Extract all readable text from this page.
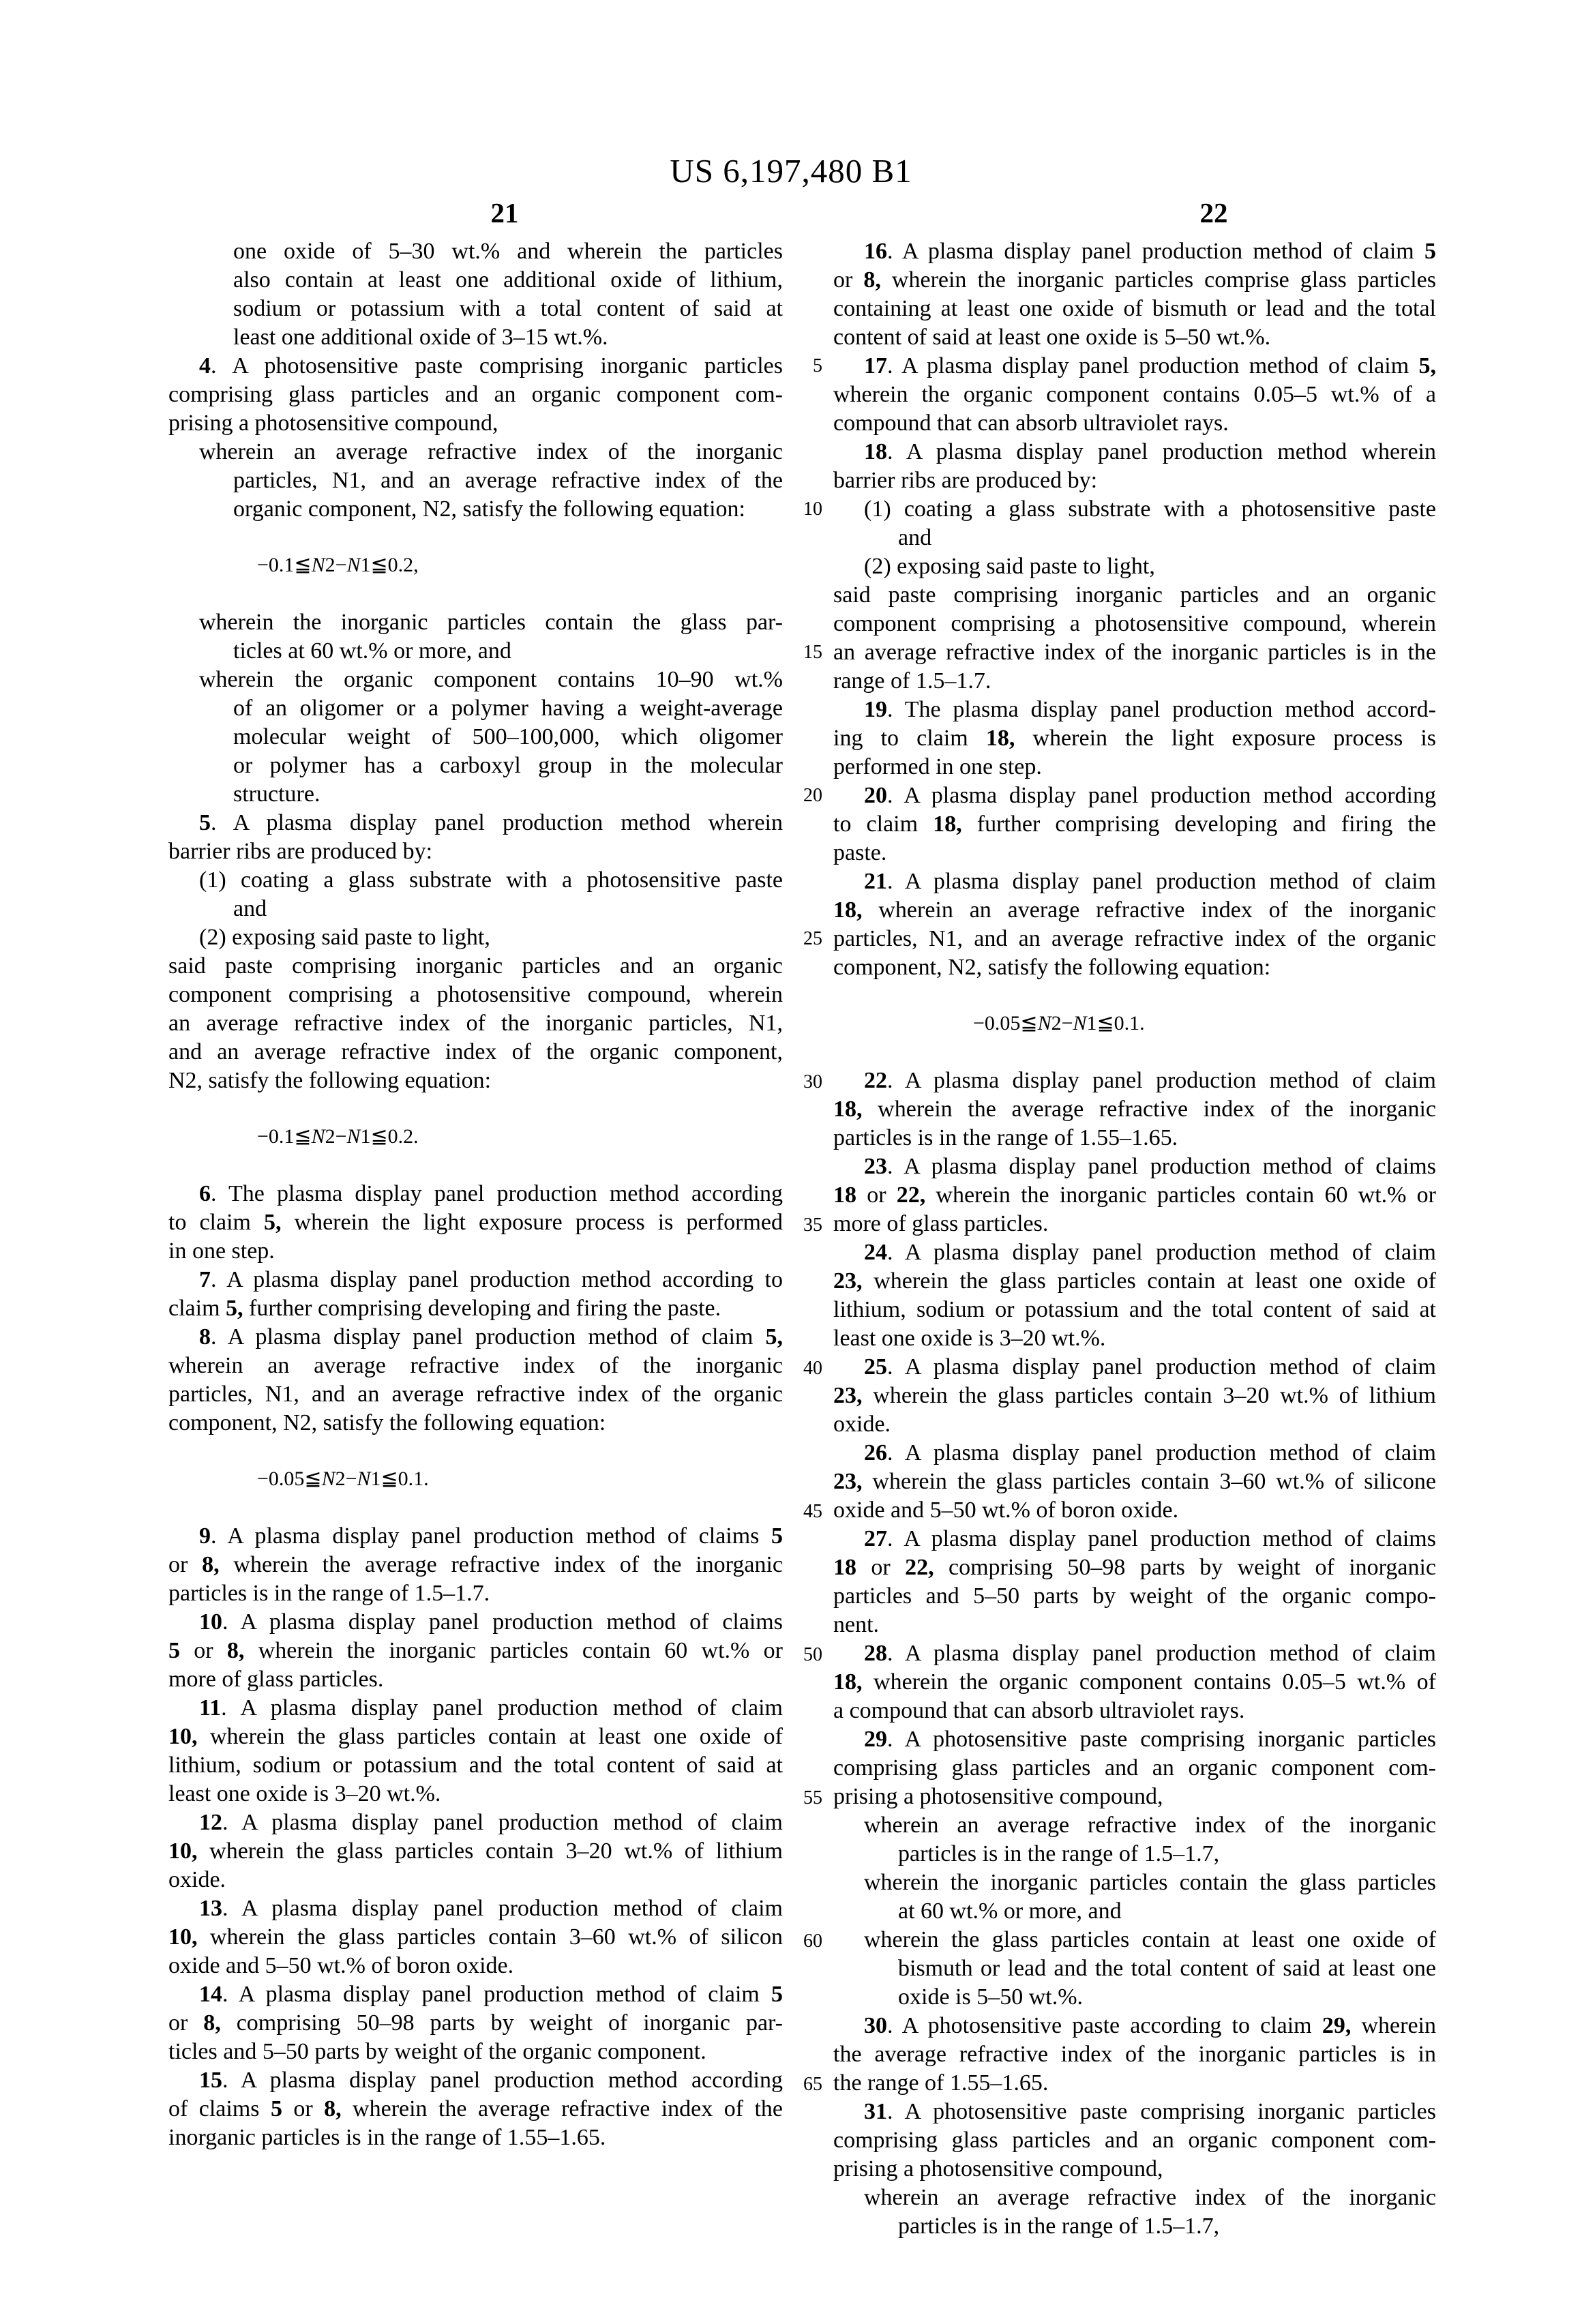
US 6,197,480 B1
21	22
one oxide of 5–30 wt.% and wherein the particles
also contain at least one additional oxide of lithium,
sodium or potassium with a total content of said at
least one additional oxide of 3–15 wt.%.
4. A photosensitive paste comprising inorganic particles
comprising glass particles and an organic component com-
prising a photosensitive compound,
wherein an average refractive index of the inorganic
particles, N1, and an average refractive index of the
organic component, N2, satisfy the following equation:
−0.1≦N2−N1≦0.2,
wherein the inorganic particles contain the glass par-
ticles at 60 wt.% or more, and
wherein the organic component contains 10–90 wt.%
of an oligomer or a polymer having a weight-average
molecular weight of 500–100,000, which oligomer
or polymer has a carboxyl group in the molecular
structure.
5. A plasma display panel production method wherein
barrier ribs are produced by:
(1) coating a glass substrate with a photosensitive paste
and
(2) exposing said paste to light,
said paste comprising inorganic particles and an organic
component comprising a photosensitive compound, wherein
an average refractive index of the inorganic particles, N1,
and an average refractive index of the organic component,
N2, satisfy the following equation:
−0.1≦N2−N1≦0.2.
6. The plasma display panel production method according
to claim 5, wherein the light exposure process is performed
in one step.
7. A plasma display panel production method according to
claim 5, further comprising developing and firing the paste.
8. A plasma display panel production method of claim 5,
wherein an average refractive index of the inorganic
particles, N1, and an average refractive index of the organic
component, N2, satisfy the following equation:
−0.05≦N2−N1≦0.1.
9. A plasma display panel production method of claims 5
or 8, wherein the average refractive index of the inorganic
particles is in the range of 1.5–1.7.
10. A plasma display panel production method of claims
5 or 8, wherein the inorganic particles contain 60 wt.% or
more of glass particles.
11. A plasma display panel production method of claim
10, wherein the glass particles contain at least one oxide of
lithium, sodium or potassium and the total content of said at
least one oxide is 3–20 wt.%.
12. A plasma display panel production method of claim
10, wherein the glass particles contain 3–20 wt.% of lithium
oxide.
13. A plasma display panel production method of claim
10, wherein the glass particles contain 3–60 wt.% of silicon
oxide and 5–50 wt.% of boron oxide.
14. A plasma display panel production method of claim 5
or 8, comprising 50–98 parts by weight of inorganic par-
ticles and 5–50 parts by weight of the organic component.
15. A plasma display panel production method according
of claims 5 or 8, wherein the average refractive index of the
inorganic particles is in the range of 1.55–1.65.
16. A plasma display panel production method of claim 5
or 8, wherein the inorganic particles comprise glass particles
containing at least one oxide of bismuth or lead and the total
content of said at least one oxide is 5–50 wt.%.
17. A plasma display panel production method of claim 5,
wherein the organic component contains 0.05–5 wt.% of a
compound that can absorb ultraviolet rays.
18. A plasma display panel production method wherein
barrier ribs are produced by:
(1) coating a glass substrate with a photosensitive paste
and
(2) exposing said paste to light,
said paste comprising inorganic particles and an organic
component comprising a photosensitive compound, wherein
an average refractive index of the inorganic particles is in the
range of 1.5–1.7.
19. The plasma display panel production method accord-
ing to claim 18, wherein the light exposure process is
performed in one step.
20. A plasma display panel production method according
to claim 18, further comprising developing and firing the
paste.
21. A plasma display panel production method of claim
18, wherein an average refractive index of the inorganic
particles, N1, and an average refractive index of the organic
component, N2, satisfy the following equation:
−0.05≦N2−N1≦0.1.
22. A plasma display panel production method of claim
18, wherein the average refractive index of the inorganic
particles is in the range of 1.55–1.65.
23. A plasma display panel production method of claims
18 or 22, wherein the inorganic particles contain 60 wt.% or
more of glass particles.
24. A plasma display panel production method of claim
23, wherein the glass particles contain at least one oxide of
lithium, sodium or potassium and the total content of said at
least one oxide is 3–20 wt.%.
25. A plasma display panel production method of claim
23, wherein the glass particles contain 3–20 wt.% of lithium
oxide.
26. A plasma display panel production method of claim
23, wherein the glass particles contain 3–60 wt.% of silicone
oxide and 5–50 wt.% of boron oxide.
27. A plasma display panel production method of claims
18 or 22, comprising 50–98 parts by weight of inorganic
particles and 5–50 parts by weight of the organic compo-
nent.
28. A plasma display panel production method of claim
18, wherein the organic component contains 0.05–5 wt.% of
a compound that can absorb ultraviolet rays.
29. A photosensitive paste comprising inorganic particles
comprising glass particles and an organic component com-
prising a photosensitive compound,
wherein an average refractive index of the inorganic
particles is in the range of 1.5–1.7,
wherein the inorganic particles contain the glass particles
at 60 wt.% or more, and
wherein the glass particles contain at least one oxide of
bismuth or lead and the total content of said at least one
oxide is 5–50 wt.%.
30. A photosensitive paste according to claim 29, wherein
the average refractive index of the inorganic particles is in
the range of 1.55–1.65.
31. A photosensitive paste comprising inorganic particles
comprising glass particles and an organic component com-
prising a photosensitive compound,
wherein an average refractive index of the inorganic
particles is in the range of 1.5–1.7,
5
10
15
20
25
30
35
40
45
50
55
60
65
